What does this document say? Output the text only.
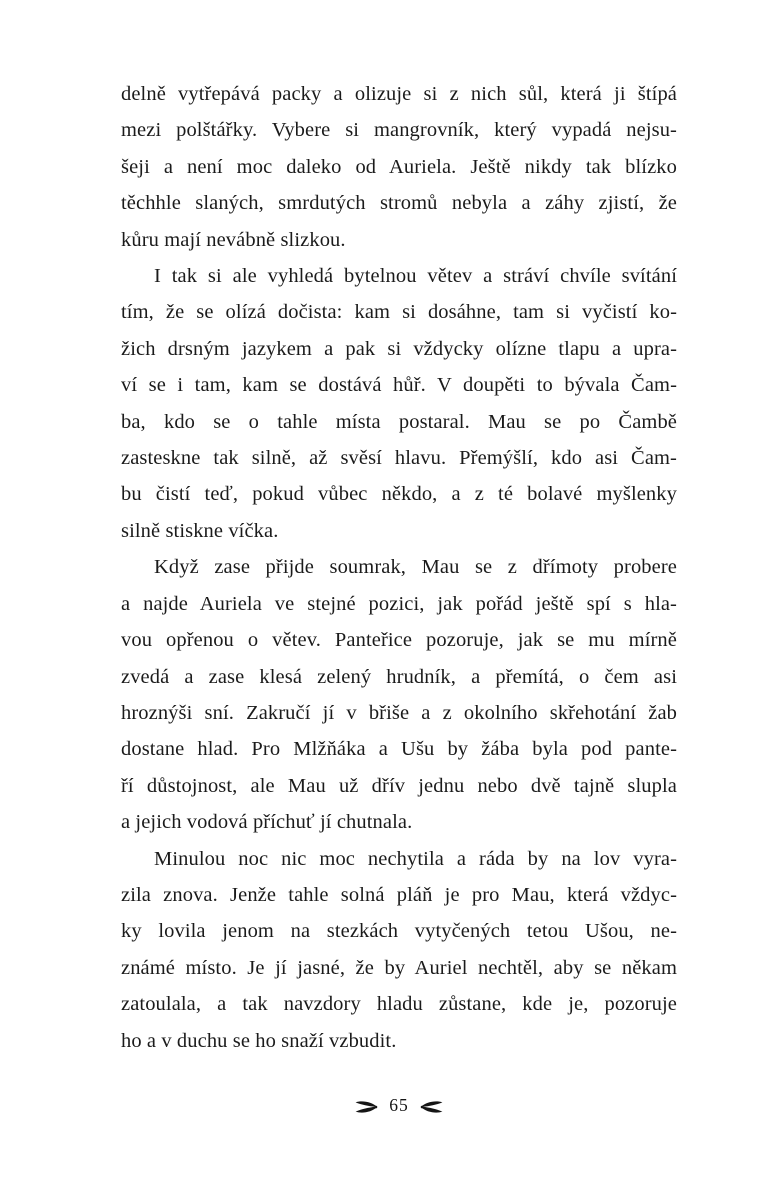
delně vytřepává packy a olizuje si z nich sůl, která ji štípá
mezi polštářky. Vybere si mangrovník, který vypadá nejsu-
šeji a není moc daleko od Auriela. Ještě nikdy tak blízko
těchhle slaných, smrdutých stromů nebyla a záhy zjistí, že
kůru mají nevábně slizkou.
I tak si ale vyhledá bytelnou větev a stráví chvíle svítání
tím, že se olízá dočista: kam si dosáhne, tam si vyčistí ko-
žich drsným jazykem a pak si vždycky olízne tlapu a upra-
ví se i tam, kam se dostává hůř. V doupěti to bývala Čam-
ba, kdo se o tahle místa postaral. Mau se po Čambě
zasteskne tak silně, až svěsí hlavu. Přemýšlí, kdo asi Čam-
bu čistí teď, pokud vůbec někdo, a z té bolavé myšlenky
silně stiskne víčka.
Když zase přijde soumrak, Mau se z dřímoty probere
a najde Auriela ve stejné pozici, jak pořád ještě spí s hla-
vou opřenou o větev. Panteřice pozoruje, jak se mu mírně
zvedá a zase klesá zelený hrudník, a přemítá, o čem asi
hroznýši sní. Zakručí jí v břiše a z okolního skřehotání žab
dostane hlad. Pro Mlžňáka a Ušu by žába byla pod pante-
ří důstojnost, ale Mau už dřív jednu nebo dvě tajně slupla
a jejich vodová příchuť jí chutnala.
Minulou noc nic moc nechytila a ráda by na lov vyra-
zila znova. Jenže tahle solná pláň je pro Mau, která vždyc-
ky lovila jenom na stezkách vytyčených tetou Ušou, ne-
známé místo. Je jí jasné, že by Auriel nechtěl, aby se někam
zatoulala, a tak navzdory hladu zůstane, kde je, pozoruje
ho a v duchu se ho snaží vzbudit.
65
